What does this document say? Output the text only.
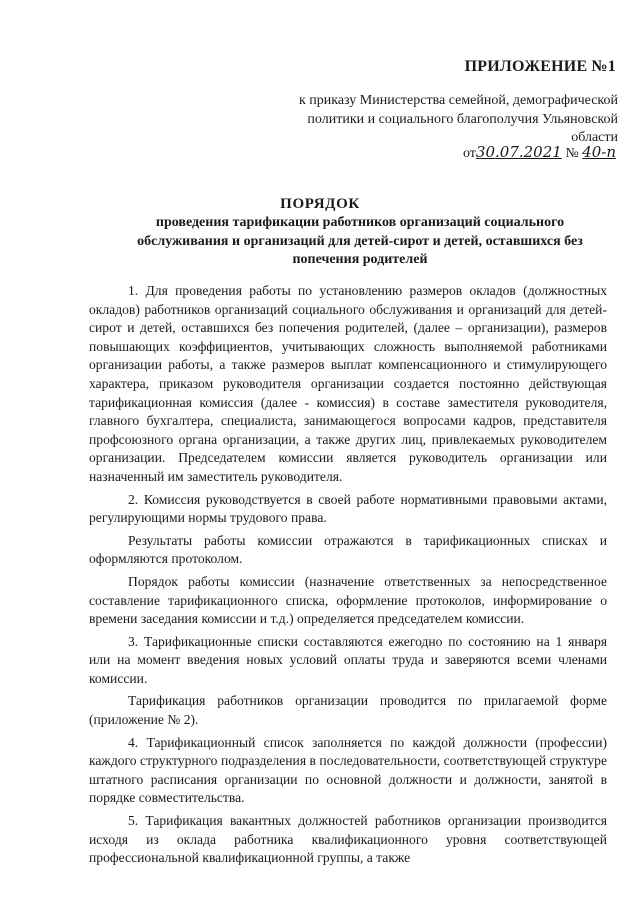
ПРИЛОЖЕНИЕ №1
к приказу Министерства семейной, демографической политики и социального благополучия Ульяновской области
от30.07.2021 № 40-п
ПОРЯДОК
проведения тарификации работников организаций социального обслуживания и организаций для детей-сирот и детей, оставшихся без попечения родителей

1. Для проведения работы по установлению размеров окладов (должностных окладов) работников организаций социального обслуживания и организаций для детей-сирот и детей, оставшихся без попечения родителей, (далее – организации), размеров повышающих коэффициентов, учитывающих сложность выполняемой работниками организации работы, а также размеров выплат компенсационного и стимулирующего характера, приказом руководителя организации создается постоянно действующая тарификационная комиссия (далее - комиссия) в составе заместителя руководителя, главного бухгалтера, специалиста, занимающегося вопросами кадров, представителя профсоюзного органа организации, а также других лиц, привлекаемых руководителем организации. Председателем комиссии является руководитель организации или назначенный им заместитель руководителя.

2. Комиссия руководствуется в своей работе нормативными правовыми актами, регулирующими нормы трудового права.

Результаты работы комиссии отражаются в тарификационных списках и оформляются протоколом.

Порядок работы комиссии (назначение ответственных за непосредственное составление тарификационного списка, оформление протоколов, информирование о времени заседания комиссии и т.д.) определяется председателем комиссии.

3. Тарификационные списки составляются ежегодно по состоянию на 1 января или на момент введения новых условий оплаты труда и заверяются всеми членами комиссии.

Тарификация работников организации проводится по прилагаемой форме (приложение № 2).

4. Тарификационный список заполняется по каждой должности (профессии) каждого структурного подразделения в последовательности, соответствующей структуре штатного расписания организации по основной должности и должности, занятой в порядке совместительства.

5. Тарификация вакантных должностей работников организации производится исходя из оклада работника квалификационного уровня соответствующей профессиональной квалификационной группы, а также
